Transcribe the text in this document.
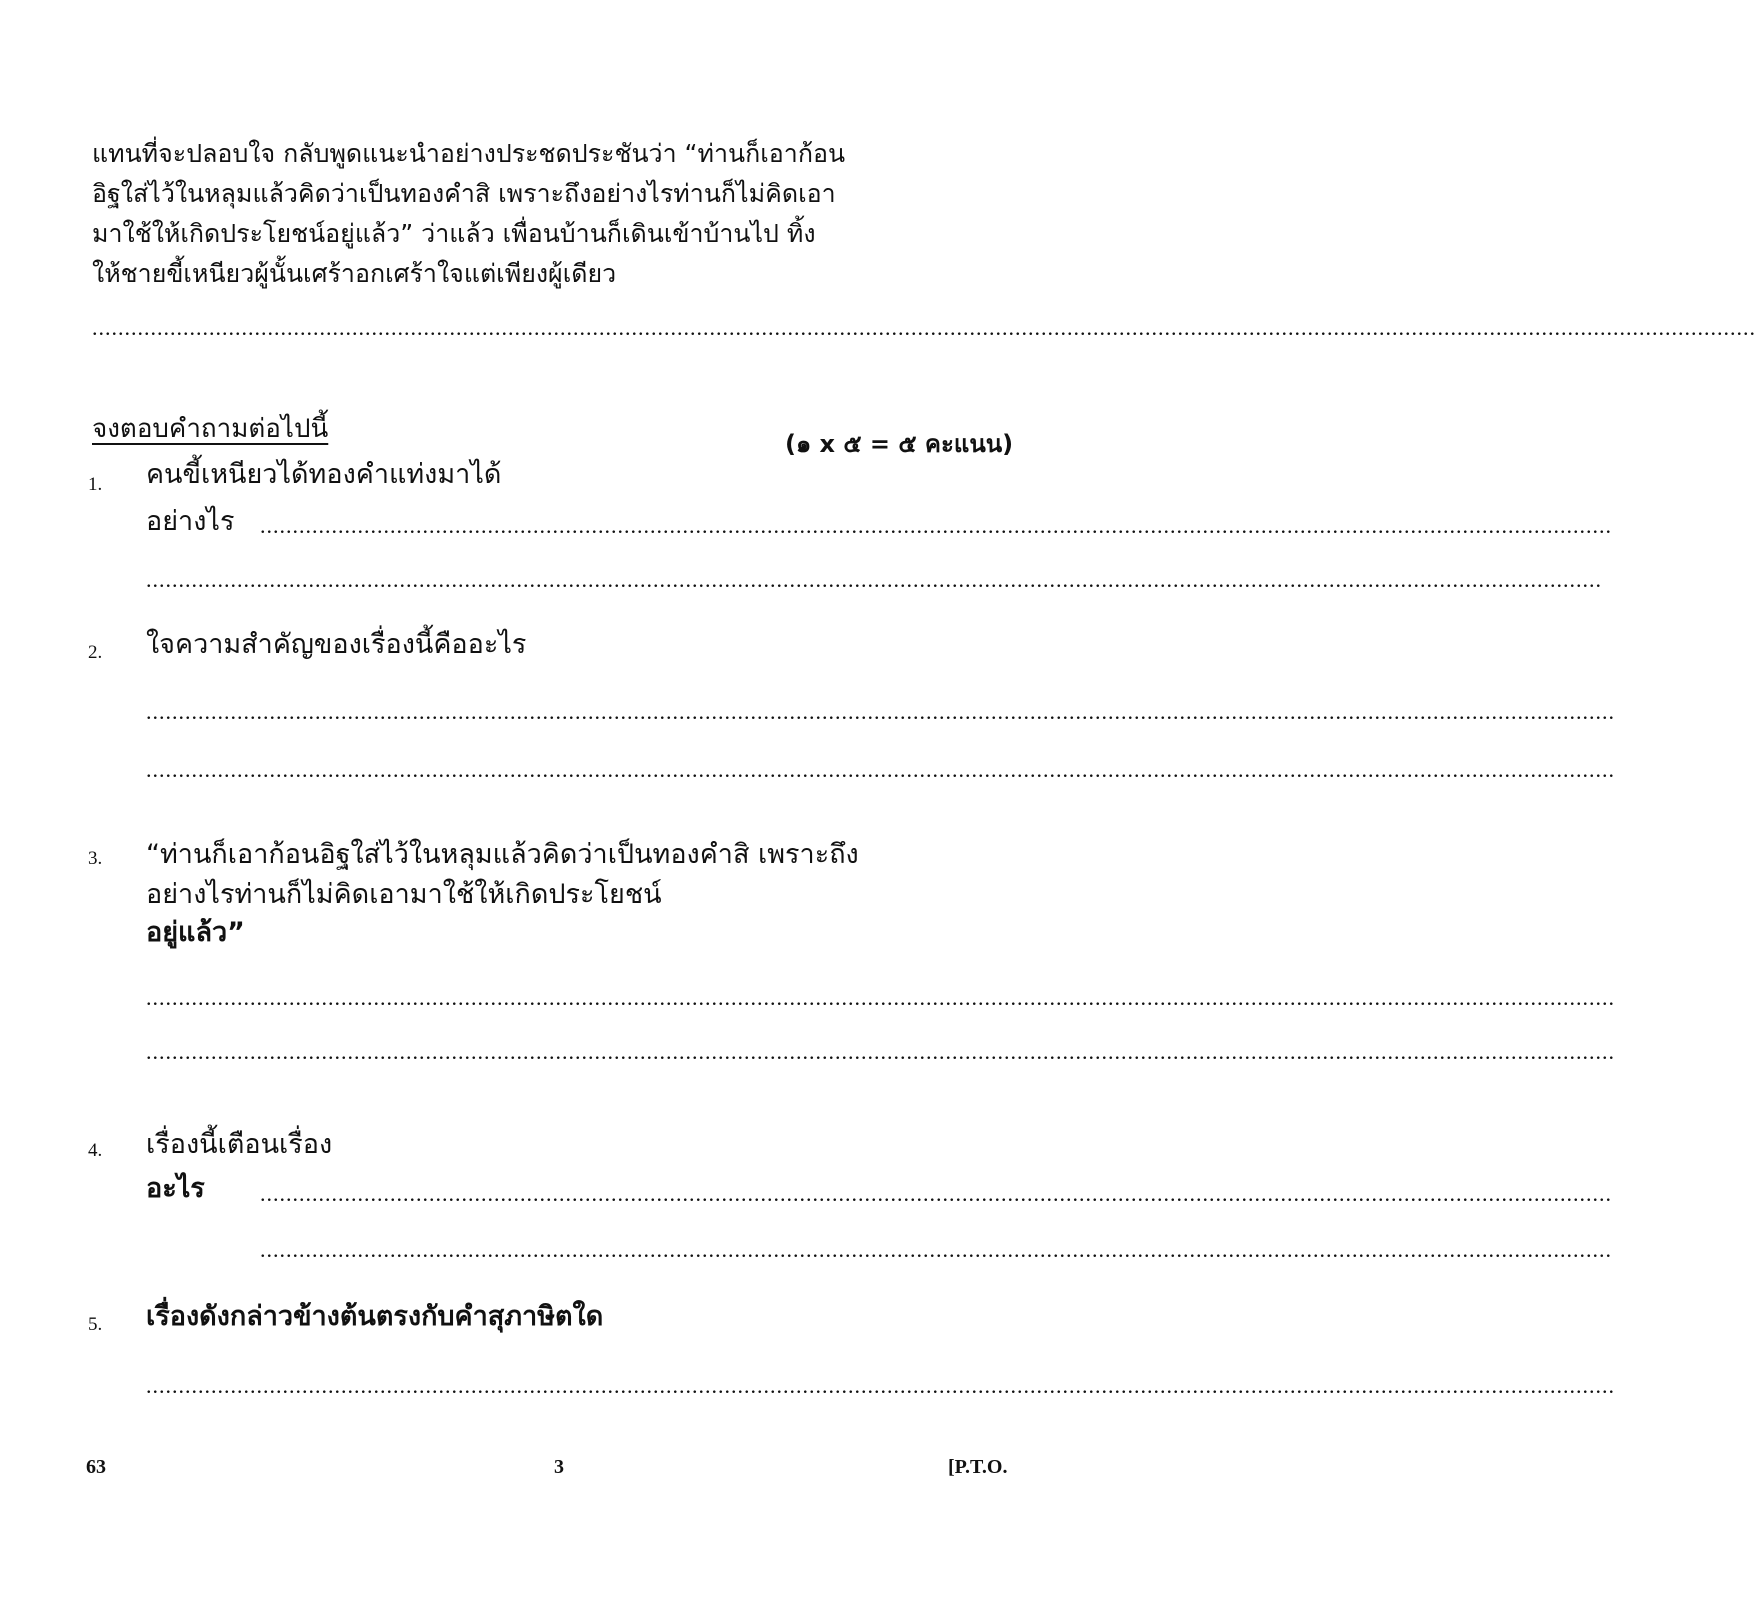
แทนที่จะปลอบใจ กลับพูดแนะนำอย่างประชดประชันว่า “ท่านก็เอาก้อน
อิฐใส่ไว้ในหลุมแล้วคิดว่าเป็นทองคำสิ เพราะถึงอย่างไรท่านก็ไม่คิดเอา
มาใช้ให้เกิดประโยชน์อยู่แล้ว” ว่าแล้ว เพื่อนบ้านก็เดินเข้าบ้านไป ทิ้ง
ให้ชายขี้เหนียวผู้นั้นเศร้าอกเศร้าใจแต่เพียงผู้เดียว
................................................................................................................................................................................................................................................................
จงตอบคำถามต่อไปนี้	(๑ x ๕ = ๕ คะแนน)
1. คนขี้เหนียวได้ทองคำแท่งมาได้
อย่างไร ................................................................................................................................................................................................................
................................................................................................................................................................................................................................
2. ใจความสำคัญของเรื่องนี้คืออะไร
..................................................................................................................................................................................................................................
..................................................................................................................................................................................................................................
3. “ท่านก็เอาก้อนอิฐใส่ไว้ในหลุมแล้วคิดว่าเป็นทองคำสิ เพราะถึง
อย่างไรท่านก็ไม่คิดเอามาใช้ให้เกิดประโยชน์
อยู่แล้ว”
..................................................................................................................................................................................................................................
..................................................................................................................................................................................................................................
4. เรื่องนี้เตือนเรื่อง
อะไร	................................................................................................................................................................................................................
................................................................................................................................................................................................................
5. เรื่องดังกล่าวข้างต้นตรงกับคำสุภาษิตใด
..................................................................................................................................................................................................................................
63	3	[P.T.O.
